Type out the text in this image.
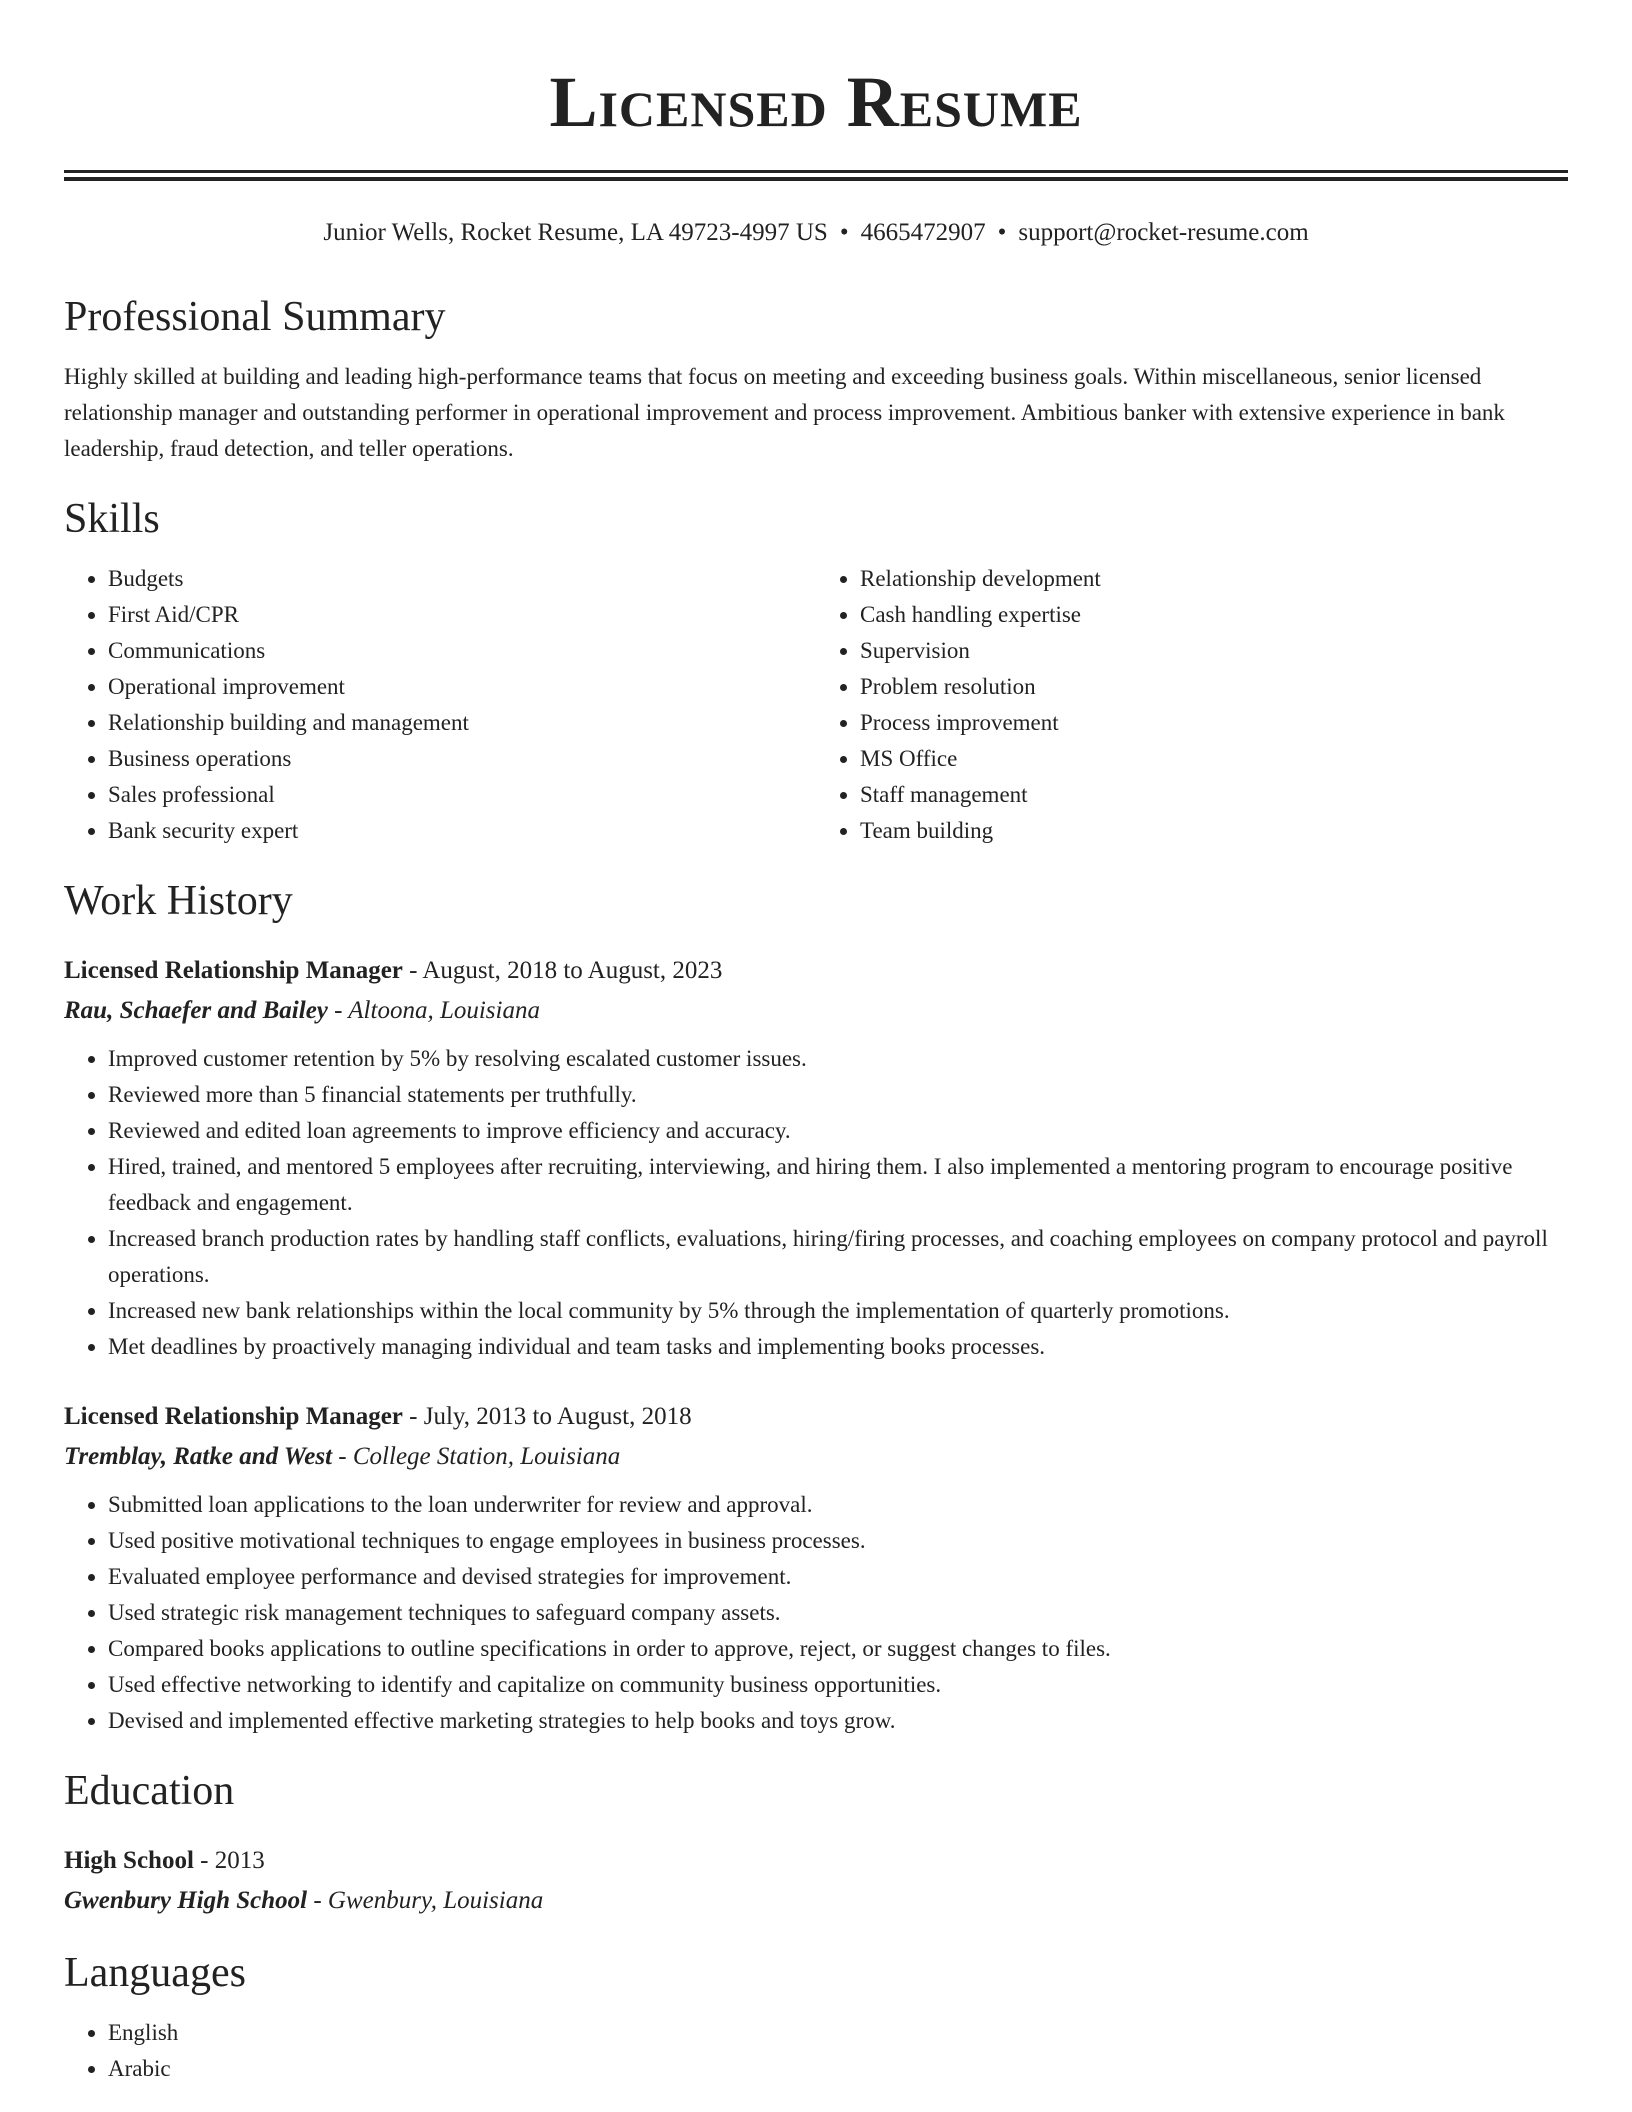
Licensed Resume
Junior Wells, Rocket Resume, LA 49723-4997 US • 4665472907 • support@rocket-resume.com
Professional Summary

Highly skilled at building and leading high-performance teams that focus on meeting and exceeding business goals. Within miscellaneous, senior licensed relationship manager and outstanding performer in operational improvement and process improvement. Ambitious banker with extensive experience in bank leadership, fraud detection, and teller operations.

Skills
• Budgets
• First Aid/CPR
• Communications
• Operational improvement
• Relationship building and management
• Business operations
• Sales professional
• Bank security expert
• Relationship development
• Cash handling expertise
• Supervision
• Problem resolution
• Process improvement
• MS Office
• Staff management
• Team building
Work History
Licensed Relationship Manager - August, 2018 to August, 2023
Rau, Schaefer and Bailey - Altoona, Louisiana
• Improved customer retention by 5% by resolving escalated customer issues.
• Reviewed more than 5 financial statements per truthfully.
• Reviewed and edited loan agreements to improve efficiency and accuracy.
• Hired, trained, and mentored 5 employees after recruiting, interviewing, and hiring them. I also implemented a mentoring program to encourage positive feedback and engagement.
• Increased branch production rates by handling staff conflicts, evaluations, hiring/firing processes, and coaching employees on company protocol and payroll operations.
• Increased new bank relationships within the local community by 5% through the implementation of quarterly promotions.
• Met deadlines by proactively managing individual and team tasks and implementing books processes.
Licensed Relationship Manager - July, 2013 to August, 2018
Tremblay, Ratke and West - College Station, Louisiana
• Submitted loan applications to the loan underwriter for review and approval.
• Used positive motivational techniques to engage employees in business processes.
• Evaluated employee performance and devised strategies for improvement.
• Used strategic risk management techniques to safeguard company assets.
• Compared books applications to outline specifications in order to approve, reject, or suggest changes to files.
• Used effective networking to identify and capitalize on community business opportunities.
• Devised and implemented effective marketing strategies to help books and toys grow.
Education
High School - 2013
Gwenbury High School - Gwenbury, Louisiana
Languages
• English
• Arabic
